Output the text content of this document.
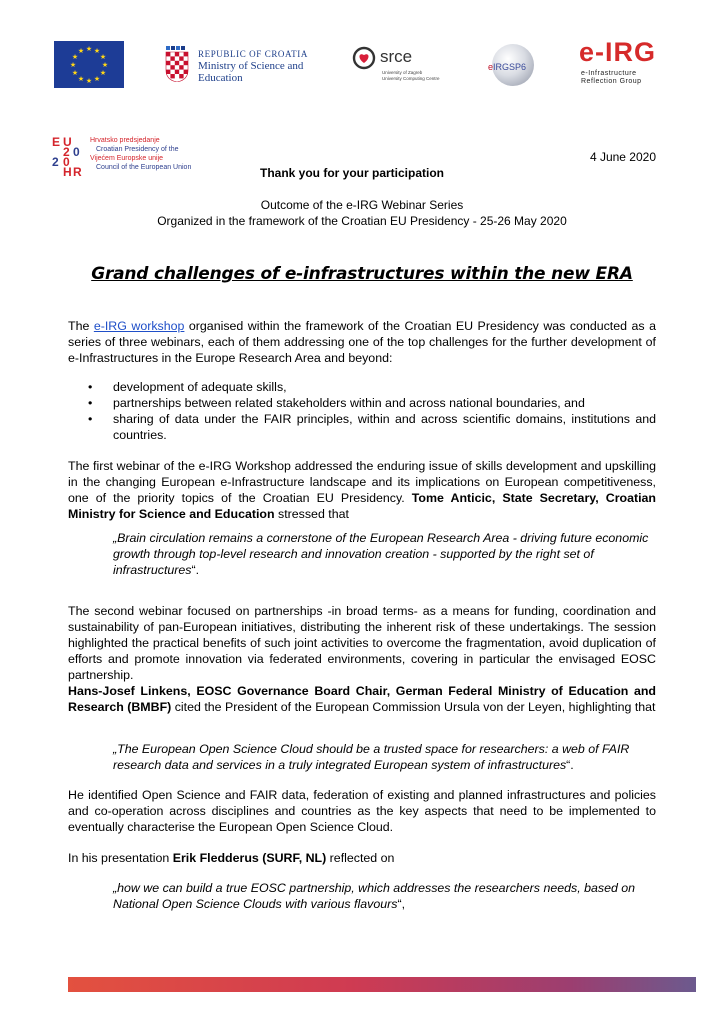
★ ★
★
★
★
★
★
★
★
★
★
★	REPUBLIC OF CROATIA
Ministry of Science and
Education
srce
University of Zagreb
University Computing Centre
eIRGSP6 e-IRG
e-Infrastructure
Reflection Group
E U
2 0
2 0
H R
Hrvatsko predsjedanje
Croatian Presidency of the
Vijećem Europske unije
Council of the European Union
4 June 2020
Thank you for your participation
Outcome of the e-IRG Webinar Series
Organized in the framework of the Croatian EU Presidency - 25-26 May 2020
Grand challenges of e-infrastructures within the new ERA
The e-IRG workshop organised within the framework of the Croatian EU Presidency was conducted as a series of three webinars, each of them addressing one of the top challenges for the further development of e-Infrastructures in the Europe Research Area and beyond:
• development of adequate skills,
• partnerships between related stakeholders within and across national boundaries, and
• sharing of data under the FAIR principles, within and across scientific domains, institutions and countries.
The first webinar of the e-IRG Workshop addressed the enduring issue of skills development and upskilling in the changing European e-Infrastructure landscape and its implications on European competitiveness, one of the priority topics of the Croatian EU Presidency. Tome Anticic, State Secretary, Croatian Ministry for Science and Education stressed that
„Brain circulation remains a cornerstone of the European Research Area - driving future economic growth through top-level research and innovation creation - supported by the right set of infrastructures“.
The second webinar focused on partnerships -in broad terms- as a means for funding, coordination and sustainability of pan-European initiatives, distributing the inherent risk of these undertakings. The session highlighted the practical benefits of such joint activities to overcome the fragmentation, avoid duplication of efforts and promote innovation via federated environments, covering in particular the envisaged EOSC partnership.
Hans-Josef Linkens, EOSC Governance Board Chair, German Federal Ministry of Education and Research (BMBF) cited the President of the European Commission Ursula von der Leyen, highlighting that
„The European Open Science Cloud should be a trusted space for researchers: a web of FAIR research data and services in a truly integrated European system of infrastructures“.
He identified Open Science and FAIR data, federation of existing and planned infrastructures and policies and co-operation across disciplines and countries as the key aspects that need to be implemented to eventually characterise the European Open Science Cloud.
In his presentation Erik Fledderus (SURF, NL) reflected on
„how we can build a true EOSC partnership, which addresses the researchers needs, based on National Open Science Clouds with various flavours“,
